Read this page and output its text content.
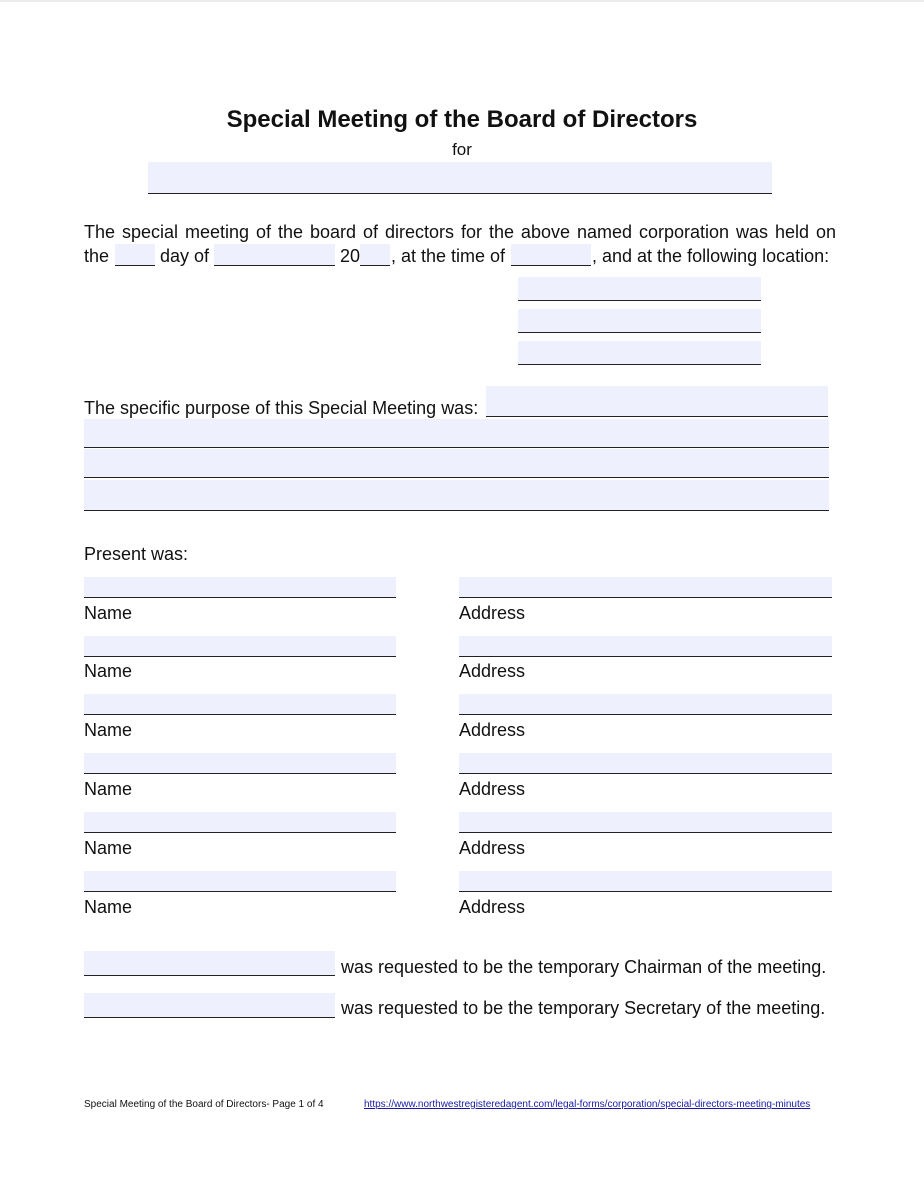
Special Meeting of the Board of Directors
for
The special meeting of the board of directors for the above named corporation was held on
the	day of	20 , at the time of	, and at the following location:
The specific purpose of this Special Meeting was:
Present was:
Name	Address
Name	Address
Name	Address
Name	Address
Name	Address
Name	Address
was requested to be the temporary Chairman of the meeting.
was requested to be the temporary Secretary of the meeting.
Special Meeting of the Board of Directors- Page 1 of 4	https://www.northwestregisteredagent.com/legal-forms/corporation/special-directors-meeting-minutes
